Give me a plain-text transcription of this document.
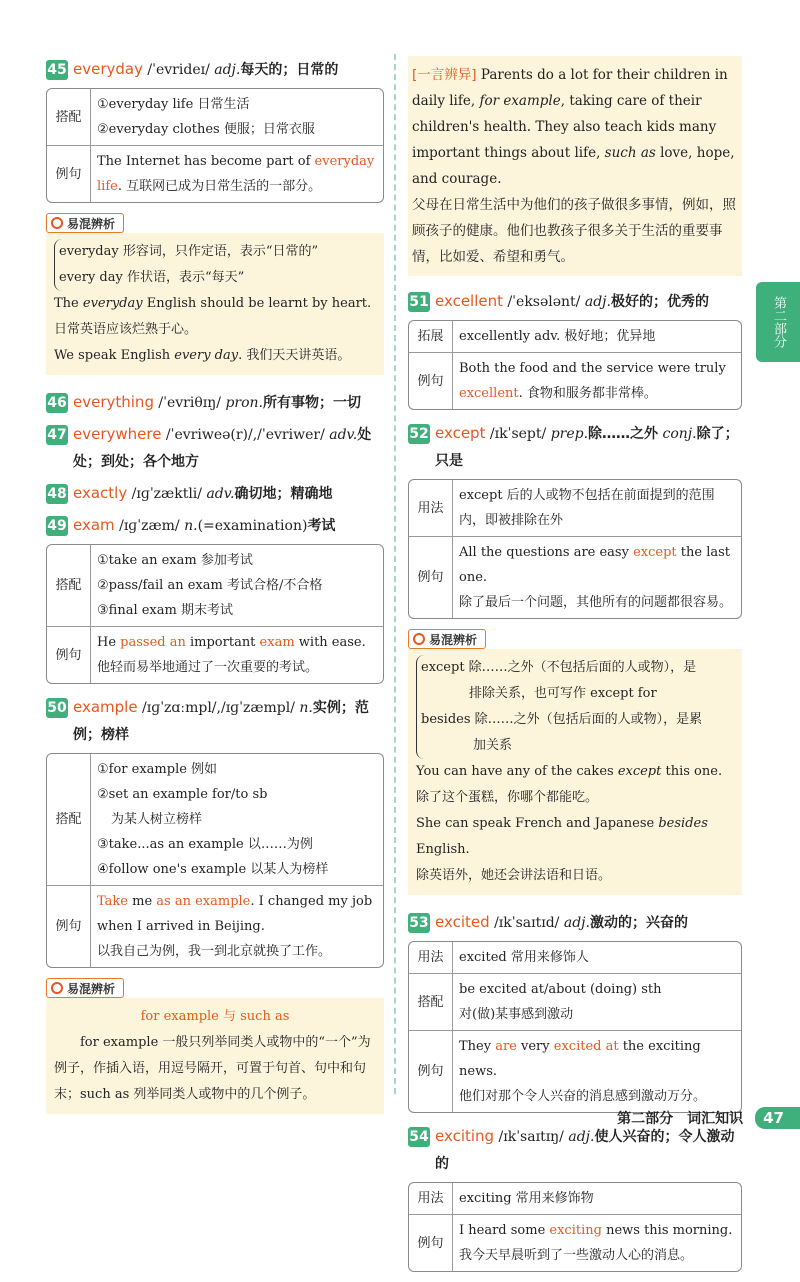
45 everyday /ˈevrideɪ/ adj.每天的；日常的
搭配	①everyday life 日常生活
②everyday clothes 便服；日常衣服

例句	The Internet has become part of everyday life. 互联网已成为日常生活的一部分。
易混辨析
everyday 形容词，只作定语，表示“日常的”
every day 作状语，表示“每天”
The everyday English should be learnt by heart.
日常英语应该烂熟于心。
We speak English every day. 我们天天讲英语。
46 everything /ˈevriθɪŋ/ pron.所有事物；一切
47 everywhere /ˈevriweə(r)/,/ˈevriwer/ adv.处处；到处；各个地方
48 exactly /ɪɡˈzæktli/ adv.确切地；精确地
49 exam /ɪɡˈzæm/ n.(=examination)考试
搭配	①take an exam 参加考试
②pass/fail an exam 考试合格/不合格
③final exam 期末考试

例句	He passed an important exam with ease.
他轻而易举地通过了一次重要的考试。
50 example /ɪɡˈzɑːmpl/,/ɪɡˈzæmpl/ n.实例；范例；榜样
搭配	①for example 例如
②set an example for/to sb
为某人树立榜样
③take...as an example 以……为例
④follow one's example 以某人为榜样

例句	Take me as an example. I changed my job when I arrived in Beijing.
以我自己为例，我一到北京就换了工作。
易混辨析
for example 与 such as
for example 一般只列举同类人或物中的“一个”为例子，作插入语，用逗号隔开，可置于句首、句中和句末；such as 列举同类人或物中的几个例子。
[一言辨异] Parents do a lot for their children in daily life, for example, taking care of their children's health. They also teach kids many important things about life, such as love, hope, and courage.
父母在日常生活中为他们的孩子做很多事情，例如，照顾孩子的健康。他们也教孩子很多关于生活的重要事情，比如爱、希望和勇气。
51 excellent /ˈeksələnt/ adj.极好的；优秀的
拓展	excellently adv. 极好地；优异地
例句	Both the food and the service were truly excellent. 食物和服务都非常棒。
52 except /ɪkˈsept/ prep.除……之外 conj.除了；只是
用法	except 后的人或物不包括在前面提到的范围内，即被排除在外
例句	All the questions are easy except the last one.
除了最后一个问题，其他所有的问题都很容易。
易混辨析
except 除……之外（不包括后面的人或物），是
排除关系，也可写作 except for
besides 除……之外（包括后面的人或物），是累
加关系
You can have any of the cakes except this one.
除了这个蛋糕，你哪个都能吃。
She can speak French and Japanese besides English.
除英语外，她还会讲法语和日语。
53 excited /ɪkˈsaɪtɪd/ adj.激动的；兴奋的
用法	excited 常用来修饰人
搭配	be excited at/about (doing) sth
对(做)某事感到激动

例句	They are very excited at the exciting news.
他们对那个令人兴奋的消息感到激动万分。
54 exciting /ɪkˈsaɪtɪŋ/ adj.使人兴奋的；令人激动的
用法	exciting 常用来修饰物
例句	I heard some exciting news this morning.
我今天早晨听到了一些激动人心的消息。
第二部分
第二部分　词汇知识	47
